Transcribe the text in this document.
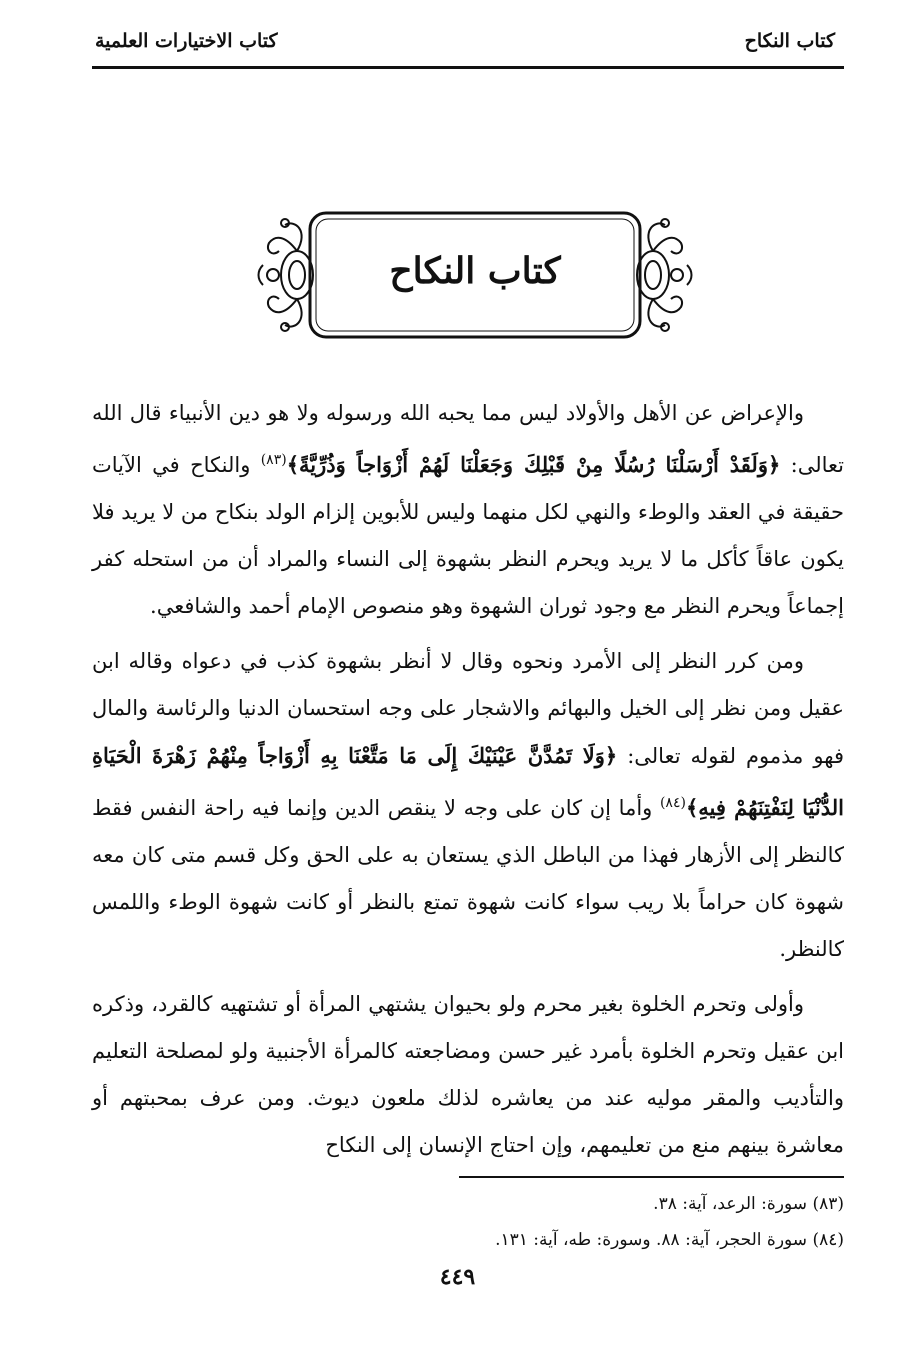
كتاب النكاح
كتاب الاختيارات العلمية
كتاب النكاح

والإعراض عن الأهل والأولاد ليس مما يحبه الله ورسوله ولا هو دين الأنبياء قال الله تعالى: ﴿وَلَقَدْ أَرْسَلْنَا رُسُلًا مِنْ قَبْلِكَ وَجَعَلْنَا لَهُمْ أَزْوَاجاً وَذُرِّيَّةً﴾$^{(٨٣)}$ والنكاح في الآيات حقيقة في العقد والوطء والنهي لكل منهما وليس للأبوين إلزام الولد بنكاح من لا يريد فلا يكون عاقاً كأكل ما لا يريد ويحرم النظر بشهوة إلى النساء والمراد أن من استحله كفر إجماعاً ويحرم النظر مع وجود ثوران الشهوة وهو منصوص الإمام أحمد والشافعي.

ومن كرر النظر إلى الأمرد ونحوه وقال لا أنظر بشهوة كذب في دعواه وقاله ابن عقيل ومن نظر إلى الخيل والبهائم والاشجار على وجه استحسان الدنيا والرئاسة والمال فهو مذموم لقوله تعالى: ﴿وَلَا تَمُدَّنَّ عَيْنَيْكَ إِلَى مَا مَتَّعْنَا بِهِ أَزْوَاجاً مِنْهُمْ زَهْرَةَ الْحَيَاةِ الدُّنْيَا لِنَفْتِنَهُمْ فِيهِ﴾$^{(٨٤)}$ وأما إن كان على وجه لا ينقص الدين وإنما فيه راحة النفس فقط كالنظر إلى الأزهار فهذا من الباطل الذي يستعان به على الحق وكل قسم متى كان معه شهوة كان حراماً بلا ريب سواء كانت شهوة تمتع بالنظر أو كانت شهوة الوطء واللمس كالنظر.

وأولى وتحرم الخلوة بغير محرم ولو بحيوان يشتهي المرأة أو تشتهيه كالقرد، وذكره ابن عقيل وتحرم الخلوة بأمرد غير حسن ومضاجعته كالمرأة الأجنبية ولو لمصلحة التعليم والتأديب والمقر موليه عند من يعاشره لذلك ملعون ديوث. ومن عرف بمحبتهم أو معاشرة بينهم منع من تعليمهم، وإن احتاج الإنسان إلى النكاح

(٨٣) سورة: الرعد، آية: ٣٨.
(٨٤) سورة الحجر، آية: ٨٨. وسورة: طه، آية: ١٣١.
٤٤٩
